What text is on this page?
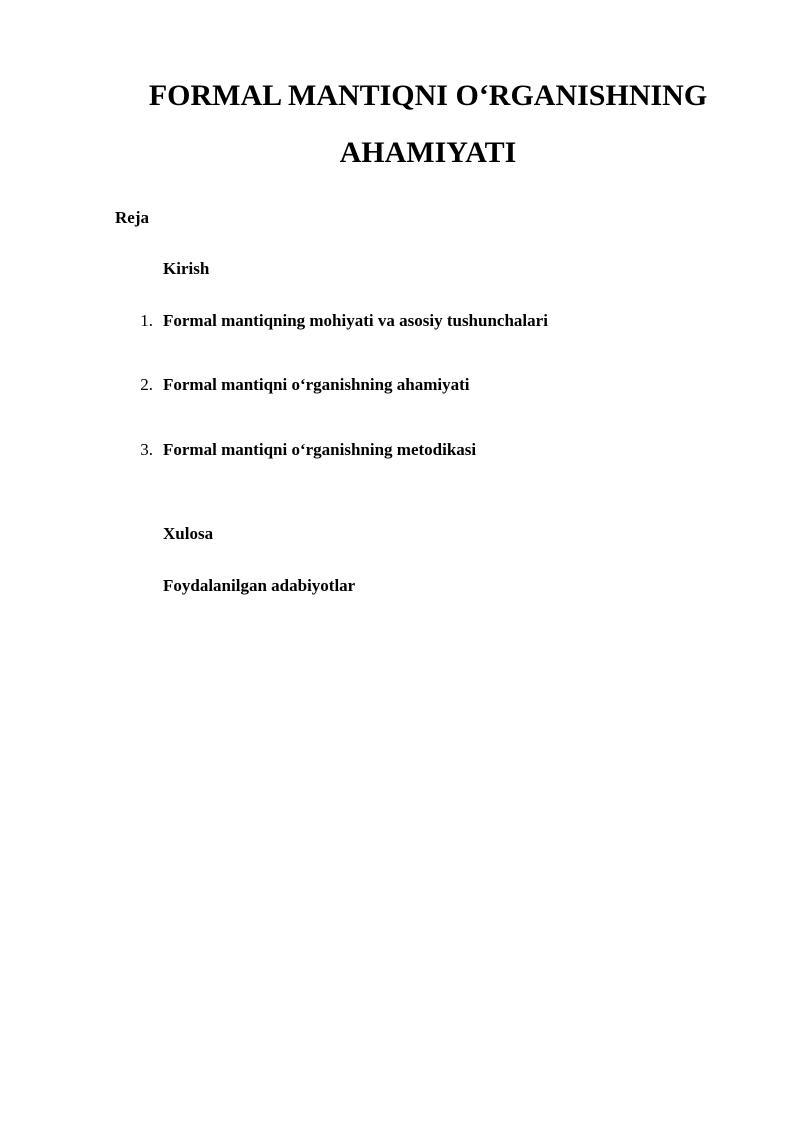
FORMAL MANTIQNI O‘RGANISHNING
AHAMIYATI
Reja
Kirish
1. Formal mantiqning mohiyati va asosiy tushunchalari
2. Formal mantiqni o‘rganishning ahamiyati
3. Formal mantiqni o‘rganishning metodikasi
Xulosa
Foydalanilgan adabiyotlar
